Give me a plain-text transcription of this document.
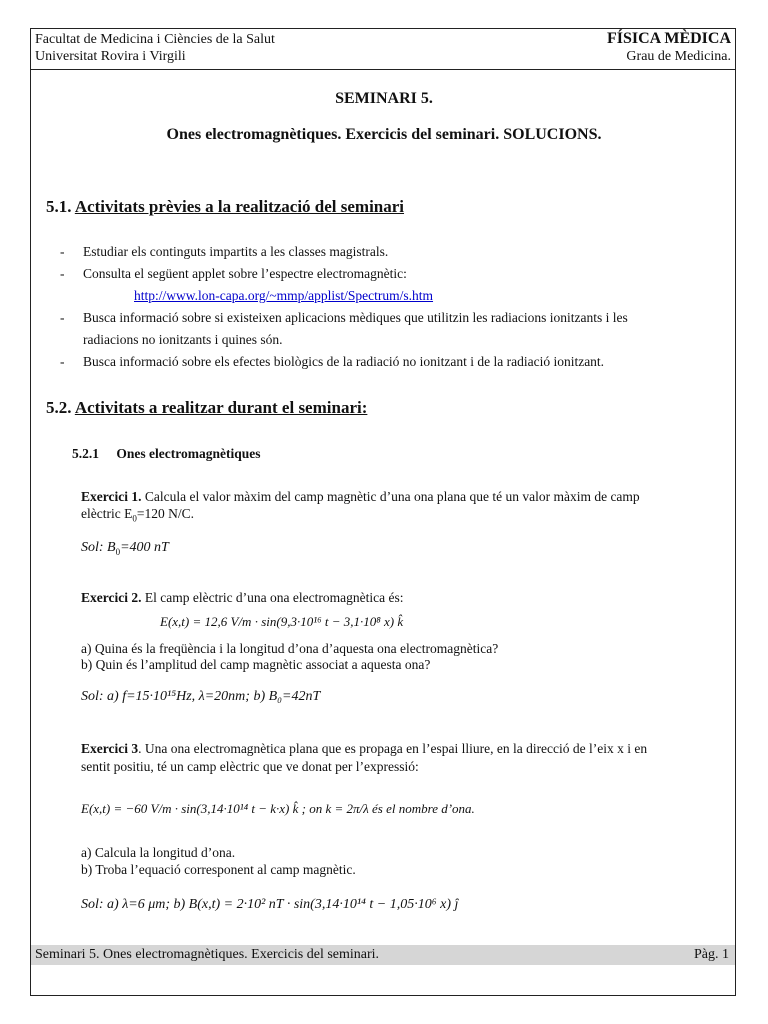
Facultat de Medicina i Ciències de la Salut
Universitat Rovira i Virgili
FÍSICA MÈDICA
Grau de Medicina.
Seminari 5. Ones electromagnètiques. Exercicis del seminari.	Pàg. 1
SEMINARI 5.
Ones electromagnètiques. Exercicis del seminari. SOLUCIONS.
5.1. Activitats prèvies a la realització del seminari
- Estudiar els continguts impartits a les classes magistrals.
- Consulta el següent applet sobre l’espectre electromagnètic:
http://www.lon-capa.org/~mmp/applist/Spectrum/s.htm
- Busca informació sobre si existeixen aplicacions mèdiques que utilitzin les radiacions ionitzants i les
radiacions no ionitzants i quines són.
- Busca informació sobre els efectes biològics de la radiació no ionitzant i de la radiació ionitzant.
5.2. Activitats a realitzar durant el seminari:
5.2.1 Ones electromagnètiques
Exercici 1. Calcula el valor màxim del camp magnètic d’una ona plana que té un valor màxim de camp
elèctric $E_0=120$ N/C.
Sol: $B_0=400$ nT
Exercici 2. El camp elèctric d’una ona electromagnètica és:
E(x,t) = 12,6 V/m · sin(9,3·10¹⁶ t − 3,1·10⁸ x) k̂
a) Quina és la freqüència i la longitud d’ona d’aquesta ona electromagnètica?
b) Quin és l’amplitud del camp magnètic associat a aquesta ona?
Sol: a) f=15·10¹⁵Hz, λ=20nm; b) B₀=42nT
Exercici 3. Una ona electromagnètica plana que es propaga en l’espai lliure, en la direcció de l’eix x i en
sentit positiu, té un camp elèctric que ve donat per l’expressió:
E(x,t) = −60 V/m · sin(3,14·10¹⁴ t − k·x) k̂ ; on k = 2π/λ és el nombre d’ona.
a) Calcula la longitud d’ona.
b) Troba l’equació corresponent al camp magnètic.
Sol: a) λ=6 μm; b) B(x,t) = 2·10² nT · sin(3,14·10¹⁴ t − 1,05·10⁶ x) ĵ
